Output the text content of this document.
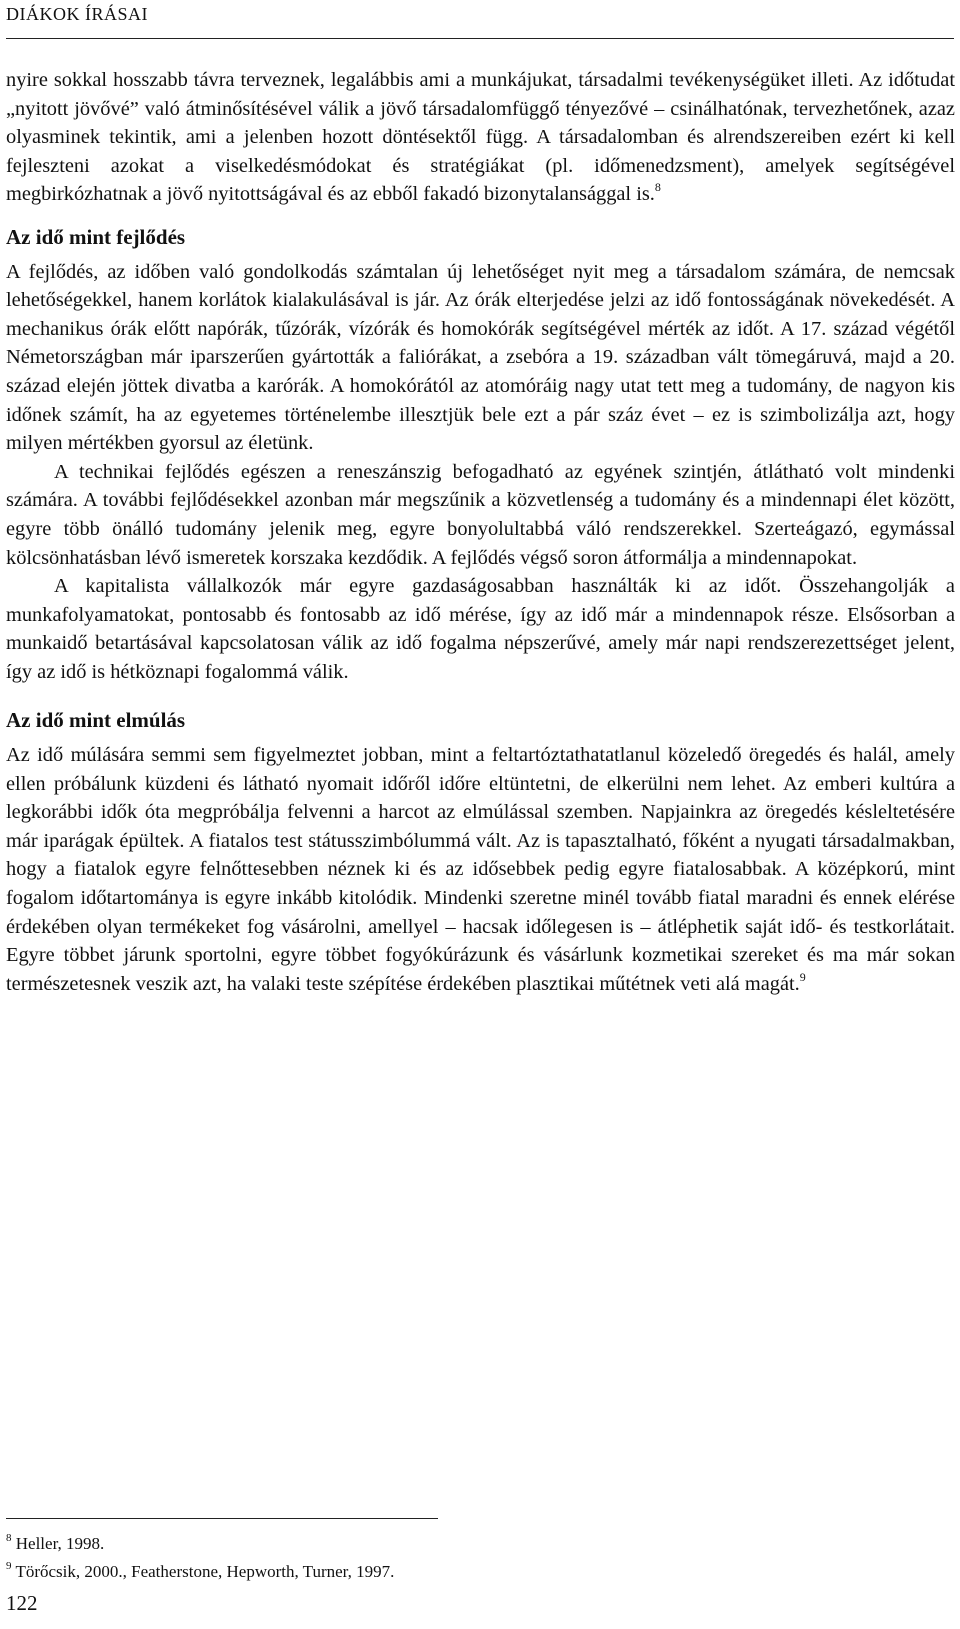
DIÁKOK ÍRÁSAI

nyire sokkal hosszabb távra terveznek, legalábbis ami a munkájukat, társadalmi tevékenységüket illeti. Az időtudat „nyitott jövővé” való átminősítésével válik a jövő társadalomfüggő tényezővé – csinálhatónak, tervezhetőnek, azaz olyasminek tekintik, ami a jelenben hozott döntésektől függ. A társadalomban és alrendszereiben ezért ki kell fejleszteni azokat a viselkedésmódokat és stratégiákat (pl. időmenedzsment), amelyek segítségével megbirkózhatnak a jövő nyitottságával és az ebből fakadó bizonytalansággal is.$^8$

Az idő mint fejlődés

A fejlődés, az időben való gondolkodás számtalan új lehetőséget nyit meg a társadalom számára, de nemcsak lehetőségekkel, hanem korlátok kialakulásával is jár. Az órák elterjedése jelzi az idő fontosságának növekedését. A mechanikus órák előtt napórák, tűzórák, vízórák és homokórák segítségével mérték az időt. A 17. század végétől Németországban már iparszerűen gyártották a faliórákat, a zsebóra a 19. században vált tömegáruvá, majd a 20. század elején jöttek divatba a karórák. A homokórától az atomóráig nagy utat tett meg a tudomány, de nagyon kis időnek számít, ha az egyetemes történelembe illesztjük bele ezt a pár száz évet – ez is szimbolizálja azt, hogy milyen mértékben gyorsul az életünk.

A technikai fejlődés egészen a reneszánszig befogadható az egyének szintjén, átlátható volt mindenki számára. A további fejlődésekkel azonban már megszűnik a közvetlenség a tudomány és a mindennapi élet között, egyre több önálló tudomány jelenik meg, egyre bonyolultabbá váló rendszerekkel. Szerteágazó, egymással kölcsönhatásban lévő ismeretek korszaka kezdődik. A fejlődés végső soron átformálja a mindennapokat.

A kapitalista vállalkozók már egyre gazdaságosabban használták ki az időt. Összehangolják a munkafolyamatokat, pontosabb és fontosabb az idő mérése, így az idő már a mindennapok része. Elsősorban a munkaidő betartásával kapcsolatosan válik az idő fogalma népszerűvé, amely már napi rendszerezettséget jelent, így az idő is hétköznapi fogalommá válik.

Az idő mint elmúlás

Az idő múlására semmi sem figyelmeztet jobban, mint a feltartóztathatatlanul közeledő öregedés és halál, amely ellen próbálunk küzdeni és látható nyomait időről időre eltüntetni, de elkerülni nem lehet. Az emberi kultúra a legkorábbi idők óta megpróbálja felvenni a harcot az elmúlással szemben. Napjainkra az öregedés késleltetésére már iparágak épültek. A fiatalos test státusszimbólummá vált. Az is tapasztalható, főként a nyugati társadalmakban, hogy a fiatalok egyre felnőttesebben néznek ki és az idősebbek pedig egyre fiatalosabbak. A középkorú, mint fogalom időtartománya is egyre inkább kitolódik. Mindenki szeretne minél tovább fiatal maradni és ennek elérése érdekében olyan termékeket fog vásárolni, amellyel – hacsak időlegesen is – átléphetik saját idő- és testkorlátait. Egyre többet járunk sportolni, egyre többet fogyókúrázunk és vásárlunk kozmetikai szereket és ma már sokan természetesnek veszik azt, ha valaki teste szépítése érdekében plasztikai műtétnek veti alá magát.$^9$

$^8$ Heller, 1998.
$^9$ Törőcsik, 2000., Featherstone, Hepworth, Turner, 1997.
122
